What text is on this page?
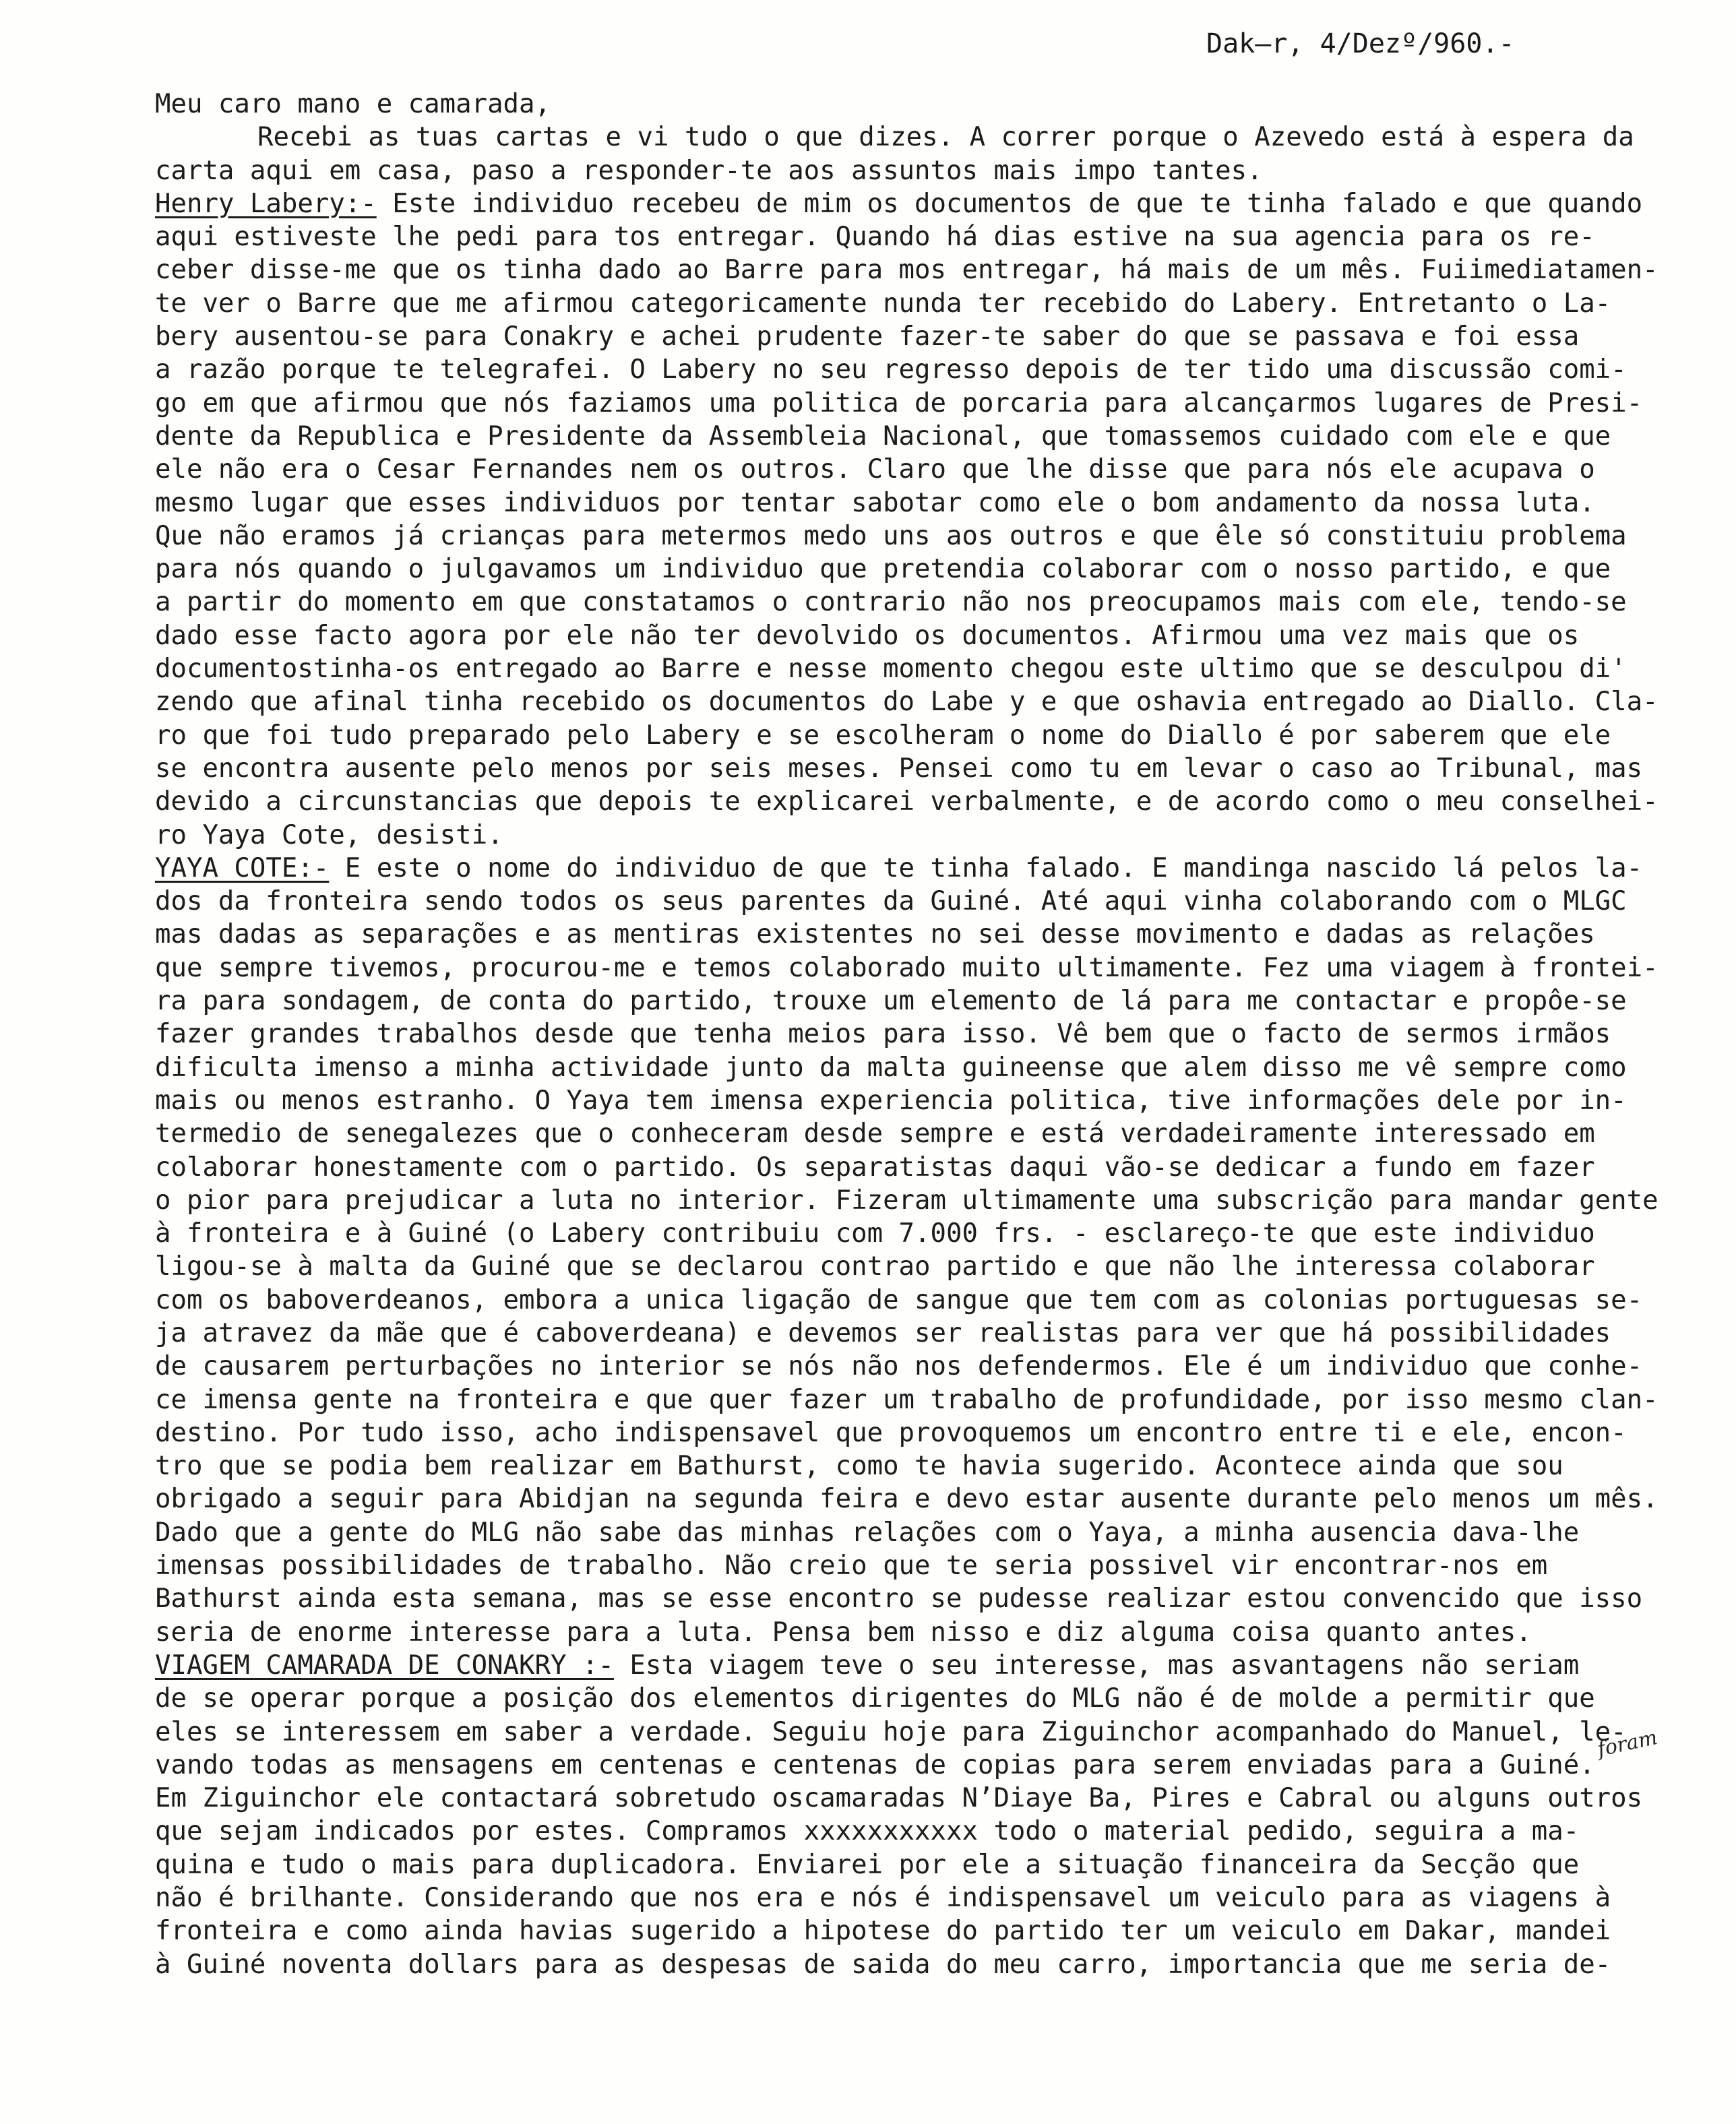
Dak‒r, 4/Dezº/960.-
Meu caro mano e camarada,
Recebi as tuas cartas e vi tudo o que dizes. A correr porque o Azevedo está à espera da
carta aqui em casa, paso a responder-te aos assuntos mais impo tantes.
Henry Labery:- Este individuo recebeu de mim os documentos de que te tinha falado e que quando
aqui estiveste lhe pedi para tos entregar. Quando há dias estive na sua agencia para os re-
ceber disse-me que os tinha dado ao Barre para mos entregar, há mais de um mês. Fuiimediatamen-
te ver o Barre que me afirmou categoricamente nunda ter recebido do Labery. Entretanto o La-
bery ausentou-se para Conakry e achei prudente fazer-te saber do que se passava e foi essa
a razão porque te telegrafei. O Labery no seu regresso depois de ter tido uma discussão comi-
go em que afirmou que nós faziamos uma politica de porcaria para alcançarmos lugares de Presi-
dente da Republica e Presidente da Assembleia Nacional, que tomassemos cuidado com ele e que
ele não era o Cesar Fernandes nem os outros. Claro que lhe disse que para nós ele acupava o
mesmo lugar que esses individuos por tentar sabotar como ele o bom andamento da nossa luta.
Que não eramos já crianças para metermos medo uns aos outros e que êle só constituiu problema
para nós quando o julgavamos um individuo que pretendia colaborar com o nosso partido, e que
a partir do momento em que constatamos o contrario não nos preocupamos mais com ele, tendo-se
dado esse facto agora por ele não ter devolvido os documentos. Afirmou uma vez mais que os
documentostinha-os entregado ao Barre e nesse momento chegou este ultimo que se desculpou di'
zendo que afinal tinha recebido os documentos do Labe y e que oshavia entregado ao Diallo. Cla-
ro que foi tudo preparado pelo Labery e se escolheram o nome do Diallo é por saberem que ele
se encontra ausente pelo menos por seis meses. Pensei como tu em levar o caso ao Tribunal, mas
devido a circunstancias que depois te explicarei verbalmente, e de acordo como o meu conselhei-
ro Yaya Cote, desisti.
YAYA COTE:- E este o nome do individuo de que te tinha falado. E mandinga nascido lá pelos la-
dos da fronteira sendo todos os seus parentes da Guiné. Até aqui vinha colaborando com o MLGC
mas dadas as separações e as mentiras existentes no sei desse movimento e dadas as relações
que sempre tivemos, procurou-me e temos colaborado muito ultimamente. Fez uma viagem à frontei-
ra para sondagem, de conta do partido, trouxe um elemento de lá para me contactar e propôe-se
fazer grandes trabalhos desde que tenha meios para isso. Vê bem que o facto de sermos irmãos
dificulta imenso a minha actividade junto da malta guineense que alem disso me vê sempre como
mais ou menos estranho. O Yaya tem imensa experiencia politica, tive informações dele por in-
termedio de senegalezes que o conheceram desde sempre e está verdadeiramente interessado em
colaborar honestamente com o partido. Os separatistas daqui vão-se dedicar a fundo em fazer
o pior para prejudicar a luta no interior. Fizeram ultimamente uma subscrição para mandar gente
à fronteira e à Guiné (o Labery contribuiu com 7.000 frs. - esclareço-te que este individuo
ligou-se à malta da Guiné que se declarou contrao partido e que não lhe interessa colaborar
com os baboverdeanos, embora a unica ligação de sangue que tem com as colonias portuguesas se-
ja atravez da mãe que é caboverdeana) e devemos ser realistas para ver que há possibilidades
de causarem perturbações no interior se nós não nos defendermos. Ele é um individuo que conhe-
ce imensa gente na fronteira e que quer fazer um trabalho de profundidade, por isso mesmo clan-
destino. Por tudo isso, acho indispensavel que provoquemos um encontro entre ti e ele, encon-
tro que se podia bem realizar em Bathurst, como te havia sugerido. Acontece ainda que sou
obrigado a seguir para Abidjan na segunda feira e devo estar ausente durante pelo menos um mês.
Dado que a gente do MLG não sabe das minhas relações com o Yaya, a minha ausencia dava-lhe
imensas possibilidades de trabalho. Não creio que te seria possivel vir encontrar-nos em
Bathurst ainda esta semana, mas se esse encontro se pudesse realizar estou convencido que isso
seria de enorme interesse para a luta. Pensa bem nisso e diz alguma coisa quanto antes.
VIAGEM CAMARADA DE CONAKRY :- Esta viagem teve o seu interesse, mas asvantagens não seriam
de se operar porque a posição dos elementos dirigentes do MLG não é de molde a permitir que
eles se interessem em saber a verdade. Seguiu hoje para Ziguinchor acompanhado do Manuel, le-
vando todas as mensagens em centenas e centenas de copias para serem enviadas para a Guiné.
Em Ziguinchor ele contactará sobretudo oscamaradas N’Diaye Ba, Pires e Cabral ou alguns outros
que sejam indicados por estes. Compramos xxxxxxxxxxx todo o material pedido, seguira a ma-
quina e tudo o mais para duplicadora. Enviarei por ele a situação financeira da Secção que
não é brilhante. Considerando que nos era e nós é indispensavel um veiculo para as viagens à
fronteira e como ainda havias sugerido a hipotese do partido ter um veiculo em Dakar, mandei
à Guiné noventa dollars para as despesas de saida do meu carro, importancia que me seria de-
foram
